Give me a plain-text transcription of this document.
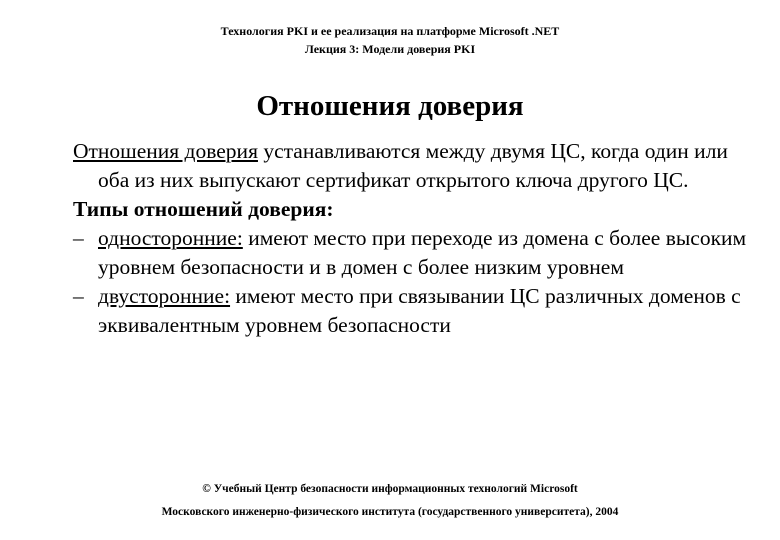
Технология PKI и ее реализация на платформе Microsoft .NET
Лекция 3: Модели доверия PKI
Отношения доверия

Отношения доверия устанавливаются между двумя ЦС, когда один или оба из них выпускают сертификат открытого ключа другого ЦС.

Типы отношений доверия:

– односторонние: имеют место при переходе из домена с более высоким уровнем безопасности и в домен с более низким уровнем

– двусторонние: имеют место при связывании ЦС различных доменов с эквивалентным уровнем безопасности

© Учебный Центр безопасности информационных технологий Microsoft
Московского инженерно-физического института (государственного университета), 2004
